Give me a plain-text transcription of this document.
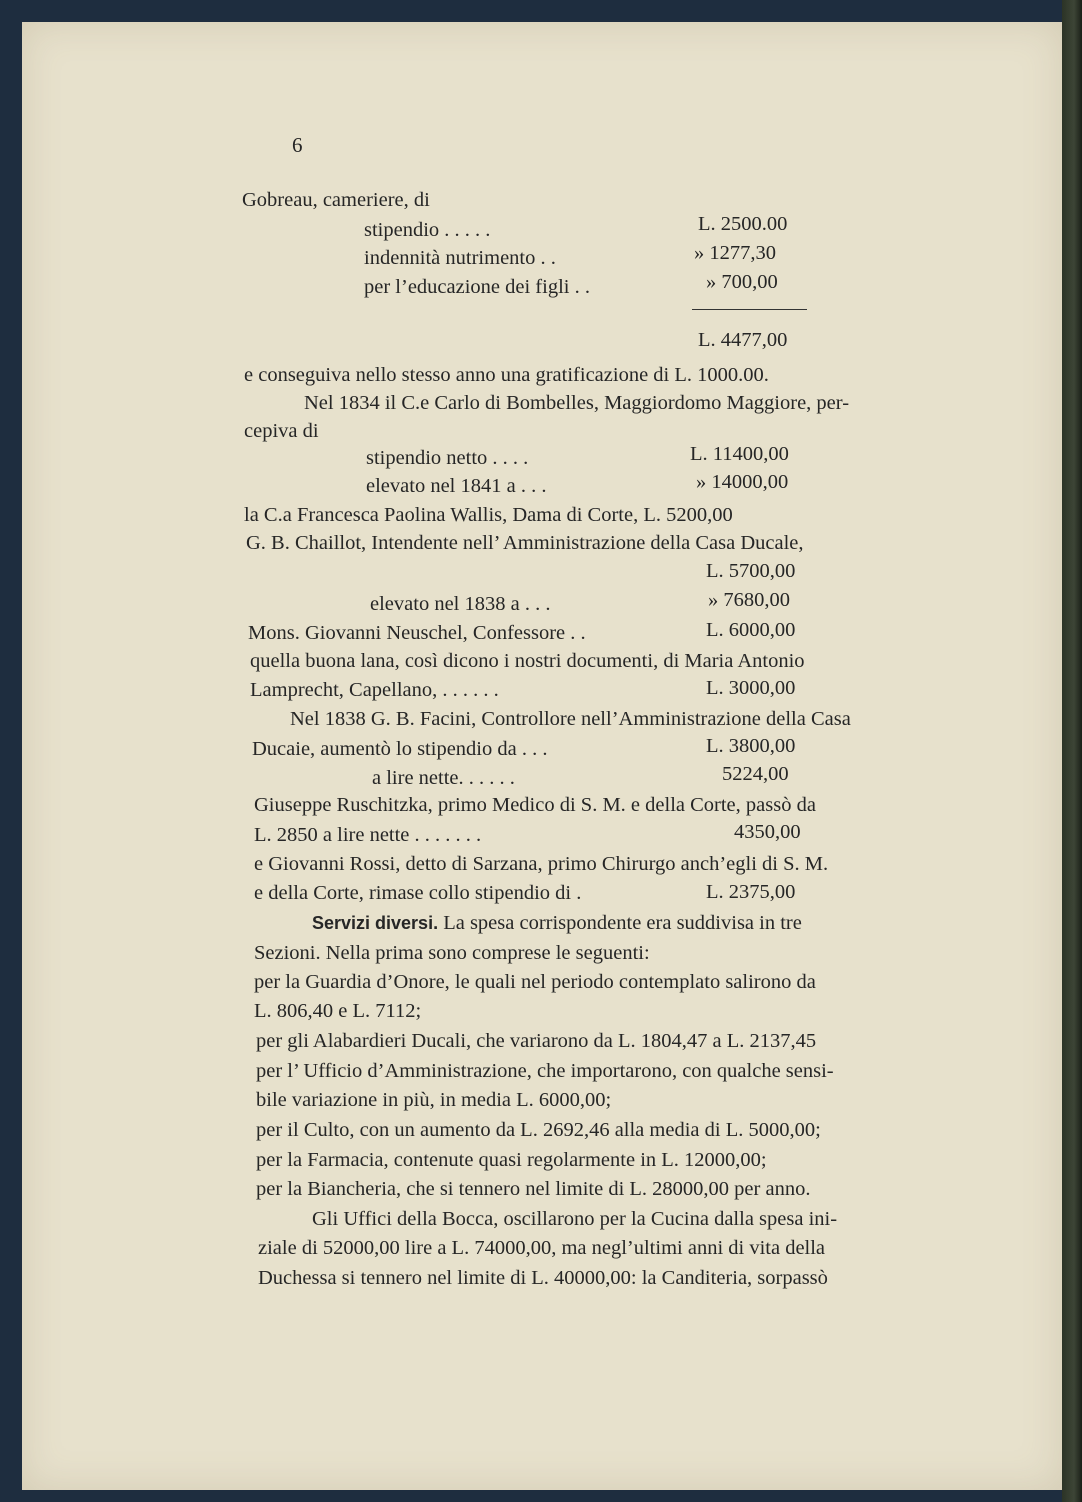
6
Gobreau, cameriere, di
stipendio . . . . .	L. 2500.00
indennità nutrimento . .	» 1277,30
per l’educazione dei figli . .	» 700,00
L. 4477,00
e conseguiva nello stesso anno una gratificazione di L. 1000.00.
Nel 1834 il C.e Carlo di Bombelles, Maggiordomo Maggiore, per-
cepiva di
stipendio netto . . . .	L. 11400,00
elevato nel 1841 a . . .	» 14000,00
la C.a Francesca Paolina Wallis, Dama di Corte, L. 5200,00
G. B. Chaillot, Intendente nell’ Amministrazione della Casa Ducale,
L. 5700,00
elevato nel 1838 a . . .	» 7680,00
Mons. Giovanni Neuschel, Confessore . .	L. 6000,00
quella buona lana, così dicono i nostri documenti, di Maria Antonio
Lamprecht, Capellano, . . . . . .	L. 3000,00
Nel 1838 G. B. Facini, Controllore nell’Amministrazione della Casa
Ducaie, aumentò lo stipendio da . . .	L. 3800,00
a lire nette. . . . . .	5224,00
Giuseppe Ruschitzka, primo Medico di S. M. e della Corte, passò da
L. 2850 a lire nette . . . . . . .	4350,00
e Giovanni Rossi, detto di Sarzana, primo Chirurgo anch’egli di S. M.
e della Corte, rimase collo stipendio di .	L. 2375,00
Servizi diversi. La spesa corrispondente era suddivisa in tre
Sezioni. Nella prima sono comprese le seguenti:
per la Guardia d’Onore, le quali nel periodo contemplato salirono da
L. 806,40 e L. 7112;
per gli Alabardieri Ducali, che variarono da L. 1804,47 a L. 2137,45
per l’ Ufficio d’Amministrazione, che importarono, con qualche sensi-
bile variazione in più, in media L. 6000,00;
per il Culto, con un aumento da L. 2692,46 alla media di L. 5000,00;
per la Farmacia, contenute quasi regolarmente in L. 12000,00;
per la Biancheria, che si tennero nel limite di L. 28000,00 per anno.
Gli Uffici della Bocca, oscillarono per la Cucina dalla spesa ini-
ziale di 52000,00 lire a L. 74000,00, ma negl’ultimi anni di vita della
Duchessa si tennero nel limite di L. 40000,00: la Canditeria, sorpassò
